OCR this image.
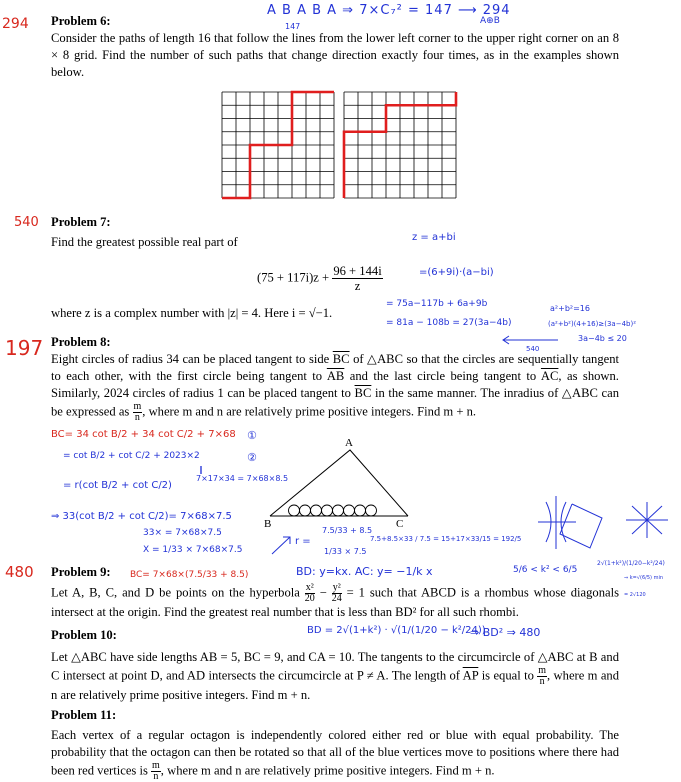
294
A B A B A ⇒ 7×C₇² = 147 ⟶ 294
147
A⊕B
Problem 6:
Consider the paths of length 16 that follow the lines from the lower left corner to the upper right corner on an 8 × 8 grid. Find the number of such paths that change direction exactly four times, as in the examples shown below.
540 Problem 7:
Find the greatest possible real part of	z = a+bi
$(75 + 117i)z + \frac{96 + 144i}{z}$	=(6+9i)·(a−bi)
where z is a complex number with |z| = 4. Here i = √−1.
= 75a−117b + 6a+9b
= 81a − 108b = 27(3a−4b)
a²+b²=16
(a²+b²)(4+16)≥(3a−4b)²
3a−4b ≤ 20
540
197 Problem 8:
Eight circles of radius 34 can be placed tangent to side $\overline{BC}$ of △ABC so that the circles are sequentially tangent to each other, with the first circle being tangent to $\overline{AB}$ and the last circle being tangent to $\overline{AC}$, as shown. Similarly, 2024 circles of radius 1 can be placed tangent to $\overline{BC}$ in the same manner. The inradius of △ABC can be expressed as $\frac{m}{n}$ , where m and n are relatively prime positive integers. Find m + n.
BC= 34 cot B/2 + 34 cot C/2 + 7×68 ①
= cot B/2 + cot C/2 + 2023×2	②
‖
= r(cot B/2 + cot C/2)
7×17×34 = 7×68×8.5
⇒ 33(cot B/2 + cot C/2)= 7×68×7.5
33× = 7×68×7.5
X = 1/33 × 7×68×7.5
A
B	C
r =
7.5/33 + 8.5
1/33 × 7.5
7.5+8.5×33 / 7.5 = 15+17×33/15 = 192/5
480 Problem 9:	BC= 7×68×(7.5/33 + 8.5)	BD: y=kx. AC: y= −1/k x	5/6 < k² < 6/5
2√(1+k²)/(1/20−k²/24)
⇒ k=√(6/5) min
= 2√120
Let A, B, C, and D be points on the hyperbola $\frac{\text{x²}}{20} - \frac{\text{y²}}{24} = 1$ such that ABCD is a rhombus whose diagonals intersect at the origin. Find the greatest real number that is less than BD² for all such rhombi.
Problem 10:	BD = 2√(1+k²) · √(1/(1/20 − k²/24))
⇒ BD² ⇒ 480
Let △ABC have side lengths AB = 5, BC = 9, and CA = 10. The tangents to the circumcircle of △ABC at B and C intersect at point D, and AD intersects the circumcircle at P ≠ A. The length of $\overline{AP}$ is equal to $\frac{m}{n}$ , where m and n are relatively prime positive integers. Find m + n.
Problem 11:
Each vertex of a regular octagon is independently colored either red or blue with equal probability. The probability that the octagon can then be rotated so that all of the blue vertices move to positions where there had been red vertices is $\frac{m}{n}$ , where m and n are relatively prime positive integers. Find m + n.
